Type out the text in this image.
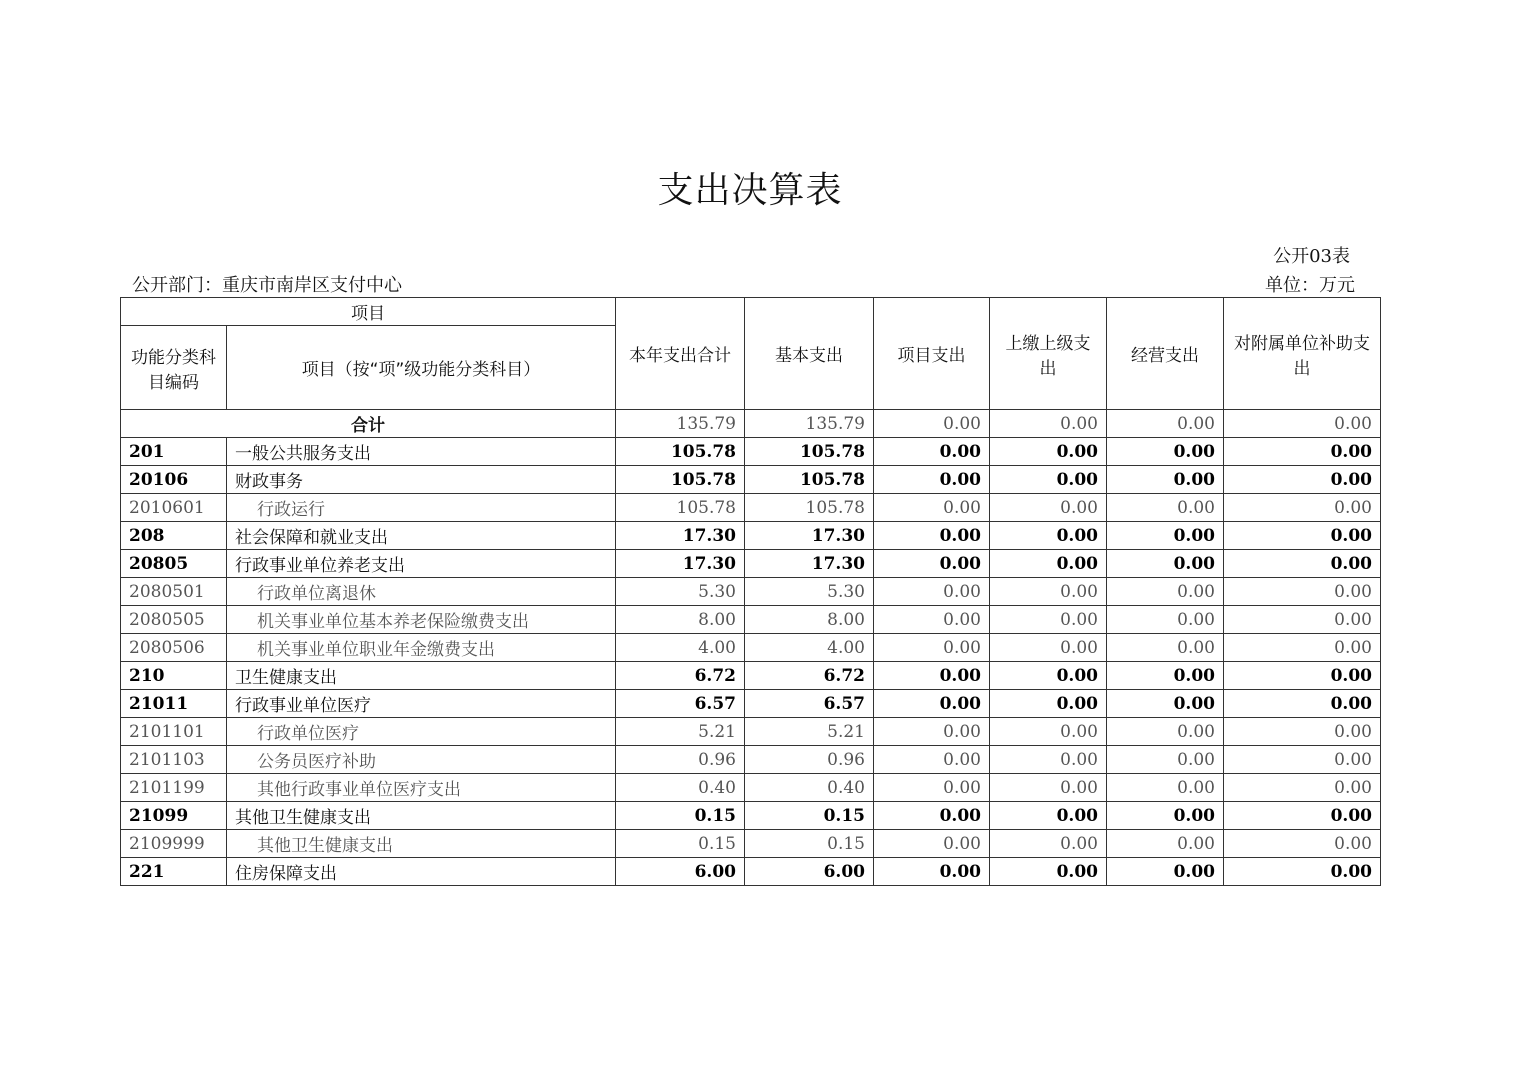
支出决算表
公开03表
公开部门：重庆市南岸区支付中心	单位：万元
项目		本年支出合计	基本支出	项目支出	上缴上级支出	经营支出	对附属单位补助支出
功能分类科目编码	项目（按“项”级功能分类科目）						
合计		135.79	135.79	0.00	0.00	0.00	0.00
201	一般公共服务支出	105.78	105.78	0.00	0.00	0.00	0.00
20106	财政事务	105.78	105.78	0.00	0.00	0.00	0.00
2010601	行政运行	105.78	105.78	0.00	0.00	0.00	0.00
208	社会保障和就业支出	17.30	17.30	0.00	0.00	0.00	0.00
20805	行政事业单位养老支出	17.30	17.30	0.00	0.00	0.00	0.00
2080501	行政单位离退休	5.30	5.30	0.00	0.00	0.00	0.00
2080505	机关事业单位基本养老保险缴费支出	8.00	8.00	0.00	0.00	0.00	0.00
2080506	机关事业单位职业年金缴费支出	4.00	4.00	0.00	0.00	0.00	0.00
210	卫生健康支出	6.72	6.72	0.00	0.00	0.00	0.00
21011	行政事业单位医疗	6.57	6.57	0.00	0.00	0.00	0.00
2101101	行政单位医疗	5.21	5.21	0.00	0.00	0.00	0.00
2101103	公务员医疗补助	0.96	0.96	0.00	0.00	0.00	0.00
2101199	其他行政事业单位医疗支出	0.40	0.40	0.00	0.00	0.00	0.00
21099	其他卫生健康支出	0.15	0.15	0.00	0.00	0.00	0.00
2109999	其他卫生健康支出	0.15	0.15	0.00	0.00	0.00	0.00
221	住房保障支出	6.00	6.00	0.00	0.00	0.00	0.00
